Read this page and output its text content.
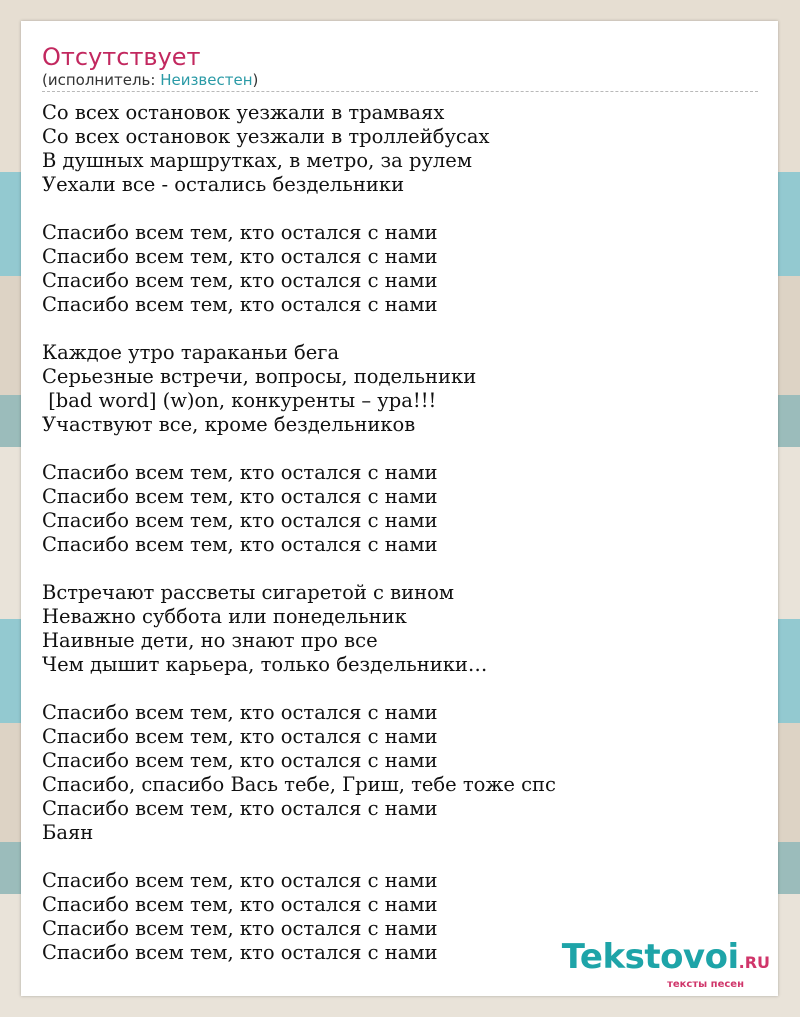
Отсутствует
(исполнитель: Неизвестен)
Со всех остановок уезжали в трамваях
Со всех остановок уезжали в троллейбусах
В душных маршрутках, в метро, за рулем
Уехали все - остались бездельники
Спасибо всем тем, кто остался с нами
Спасибо всем тем, кто остался с нами
Спасибо всем тем, кто остался с нами
Спасибо всем тем, кто остался с нами
Каждое утро тараканьи бега
Серьезные встречи, вопросы, подельники
[bad word] (w)on, конкуренты – ура!!!
Участвуют все, кроме бездельников
Спасибо всем тем, кто остался с нами
Спасибо всем тем, кто остался с нами
Спасибо всем тем, кто остался с нами
Спасибо всем тем, кто остался с нами
Встречают рассветы сигаретой с вином
Неважно суббота или понедельник
Наивные дети, но знают про все
Чем дышит карьера, только бездельники…
Спасибо всем тем, кто остался с нами
Спасибо всем тем, кто остался с нами
Спасибо всем тем, кто остался с нами
Спасибо, спасибо Вась тебе, Гриш, тебе тоже спс
Спасибо всем тем, кто остался с нами
Баян
Спасибо всем тем, кто остался с нами
Спасибо всем тем, кто остался с нами
Спасибо всем тем, кто остался с нами
Спасибо всем тем, кто остался с нами	Tekstovoi.RU
тексты песен
